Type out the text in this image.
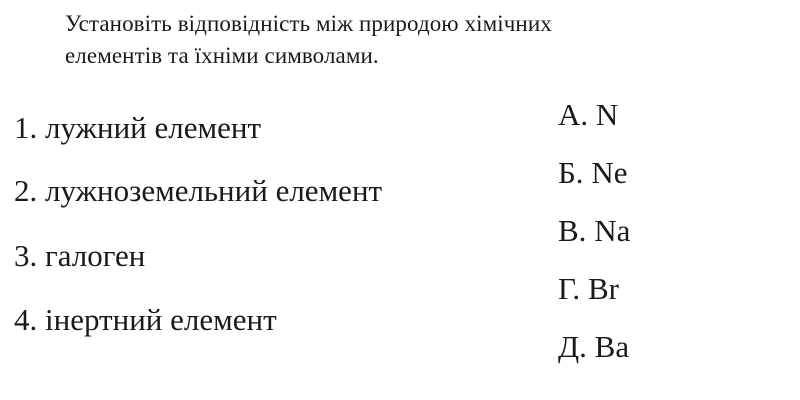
Установіть відповідність між природою хімічних
елементів та їхніми символами.
1. лужний елемент
2. лужноземельний елемент
3. галоген
4. інертний елемент
А. N
Б. Ne
В. Na
Г. Br
Д. Ba
